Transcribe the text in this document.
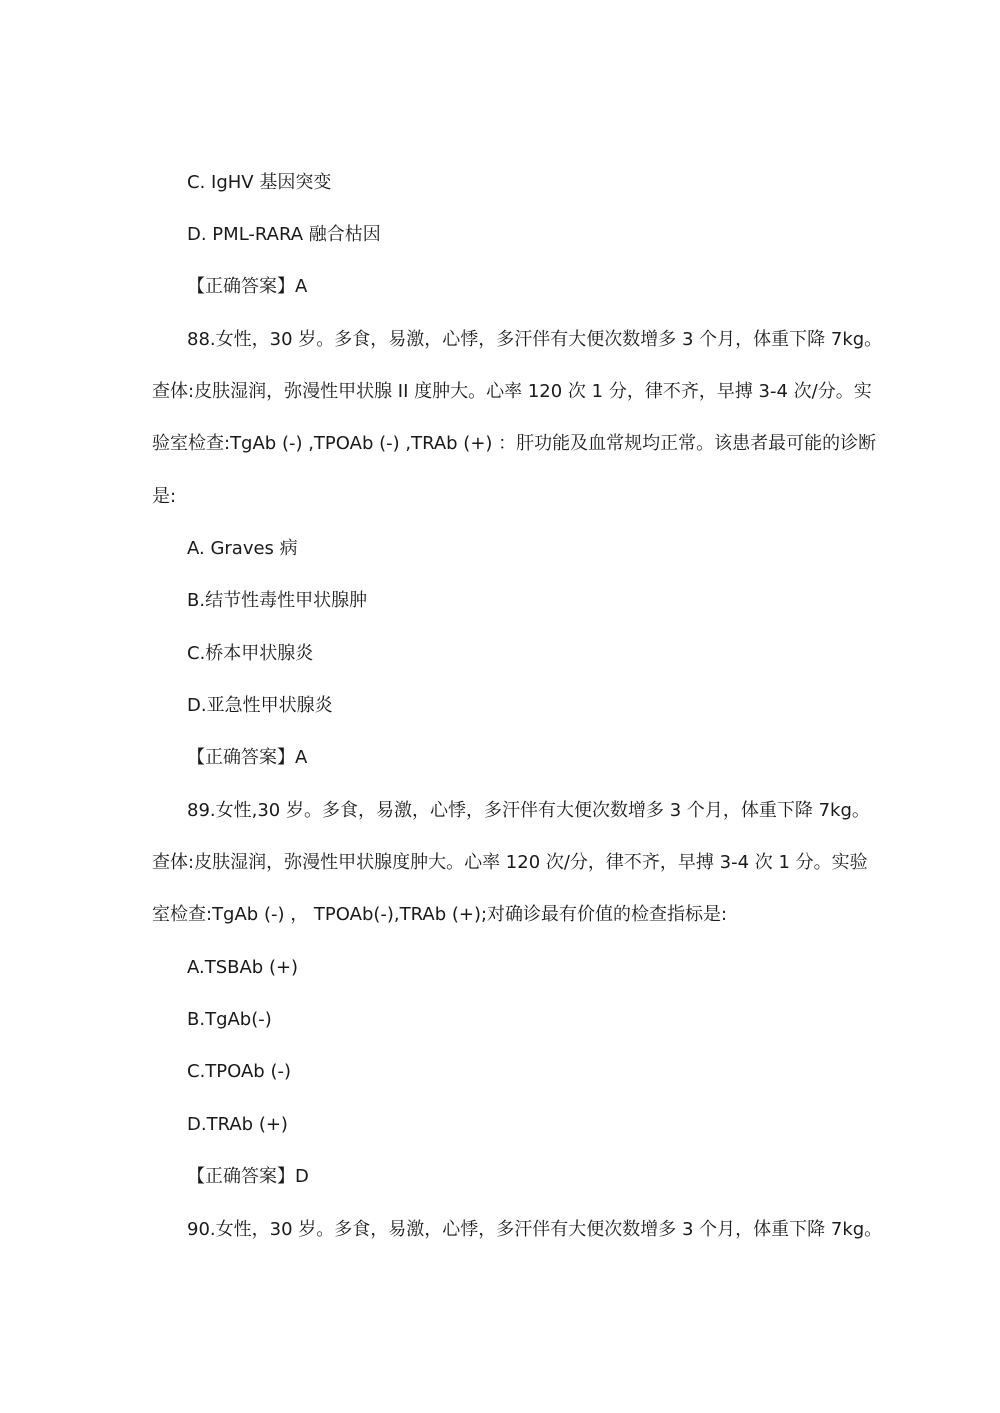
C. IgHV 基因突变
D. PML-RARA 融合枯因
【正确答案】A
88.女性，30 岁。多食，易激，心悸，多汗伴有大便次数增多 3 个月，体重下降 7kg。
查体:皮肤湿润，弥漫性甲状腺 II 度肿大。心率 120 次 1 分，律不齐，早搏 3-4 次/分。实
验室检查:TgAb (-) ,TPOAb (-) ,TRAb (+) ：肝功能及血常规均正常。该患者最可能的诊断
是:
A. Graves 病
B.结节性毒性甲状腺肿
C.桥本甲状腺炎
D.亚急性甲状腺炎
【正确答案】A
89.女性,30 岁。多食，易激，心悸，多汗伴有大便次数增多 3 个月，体重下降 7kg。
查体:皮肤湿润，弥漫性甲状腺度肿大。心率 120 次/分，律不齐，早搏 3-4 次 1 分。实验
室检查:TgAb (-) ， TPOAb(-),TRAb (+);对确诊最有价值的检查指标是:
A.TSBAb (+)
B.TgAb(-)
C.TPOAb (-)
D.TRAb (+)
【正确答案】D
90.女性，30 岁。多食，易激，心悸，多汗伴有大便次数增多 3 个月，体重下降 7kg。
